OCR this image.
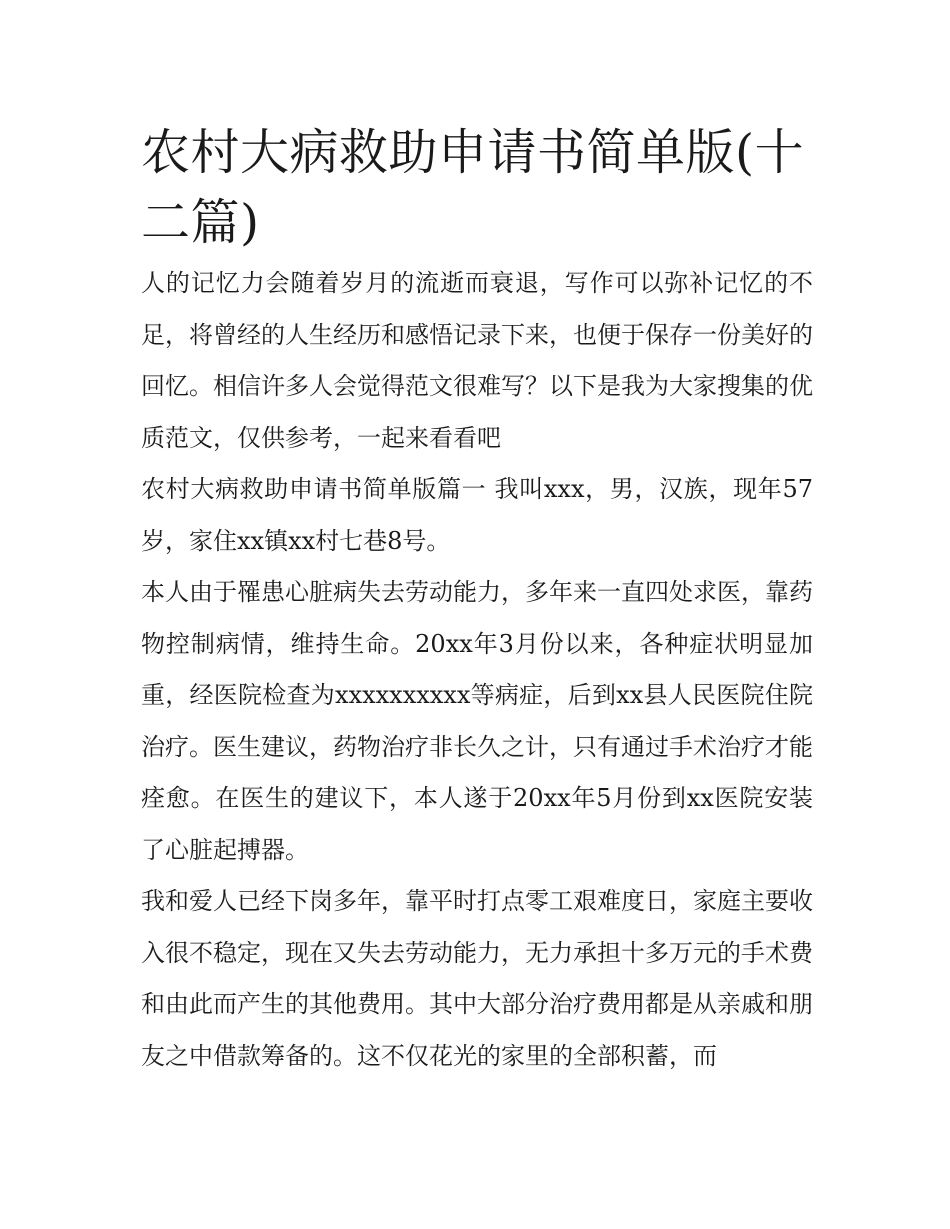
农村大病救助申请书简单版(十二篇)

人的记忆力会随着岁月的流逝而衰退，写作可以弥补记忆的不足，将曾经的人生经历和感悟记录下来，也便于保存一份美好的回忆。相信许多人会觉得范文很难写？以下是我为大家搜集的优质范文，仅供参考，一起来看看吧

农村大病救助申请书简单版篇一 我叫xxx，男，汉族，现年57岁，家住xx镇xx村七巷8号。

本人由于罹患心脏病失去劳动能力，多年来一直四处求医，靠药物控制病情，维持生命。20xx年3月份以来，各种症状明显加重，经医院检查为xxxxxxxxxx等病症，后到xx县人民医院住院治疗。医生建议，药物治疗非长久之计，只有通过手术治疗才能痊愈。在医生的建议下，本人遂于20xx年5月份到xx医院安装了心脏起搏器。

我和爱人已经下岗多年，靠平时打点零工艰难度日，家庭主要收入很不稳定，现在又失去劳动能力，无力承担十多万元的手术费和由此而产生的其他费用。其中大部分治疗费用都是从亲戚和朋友之中借款筹备的。这不仅花光的家里的全部积蓄，而
